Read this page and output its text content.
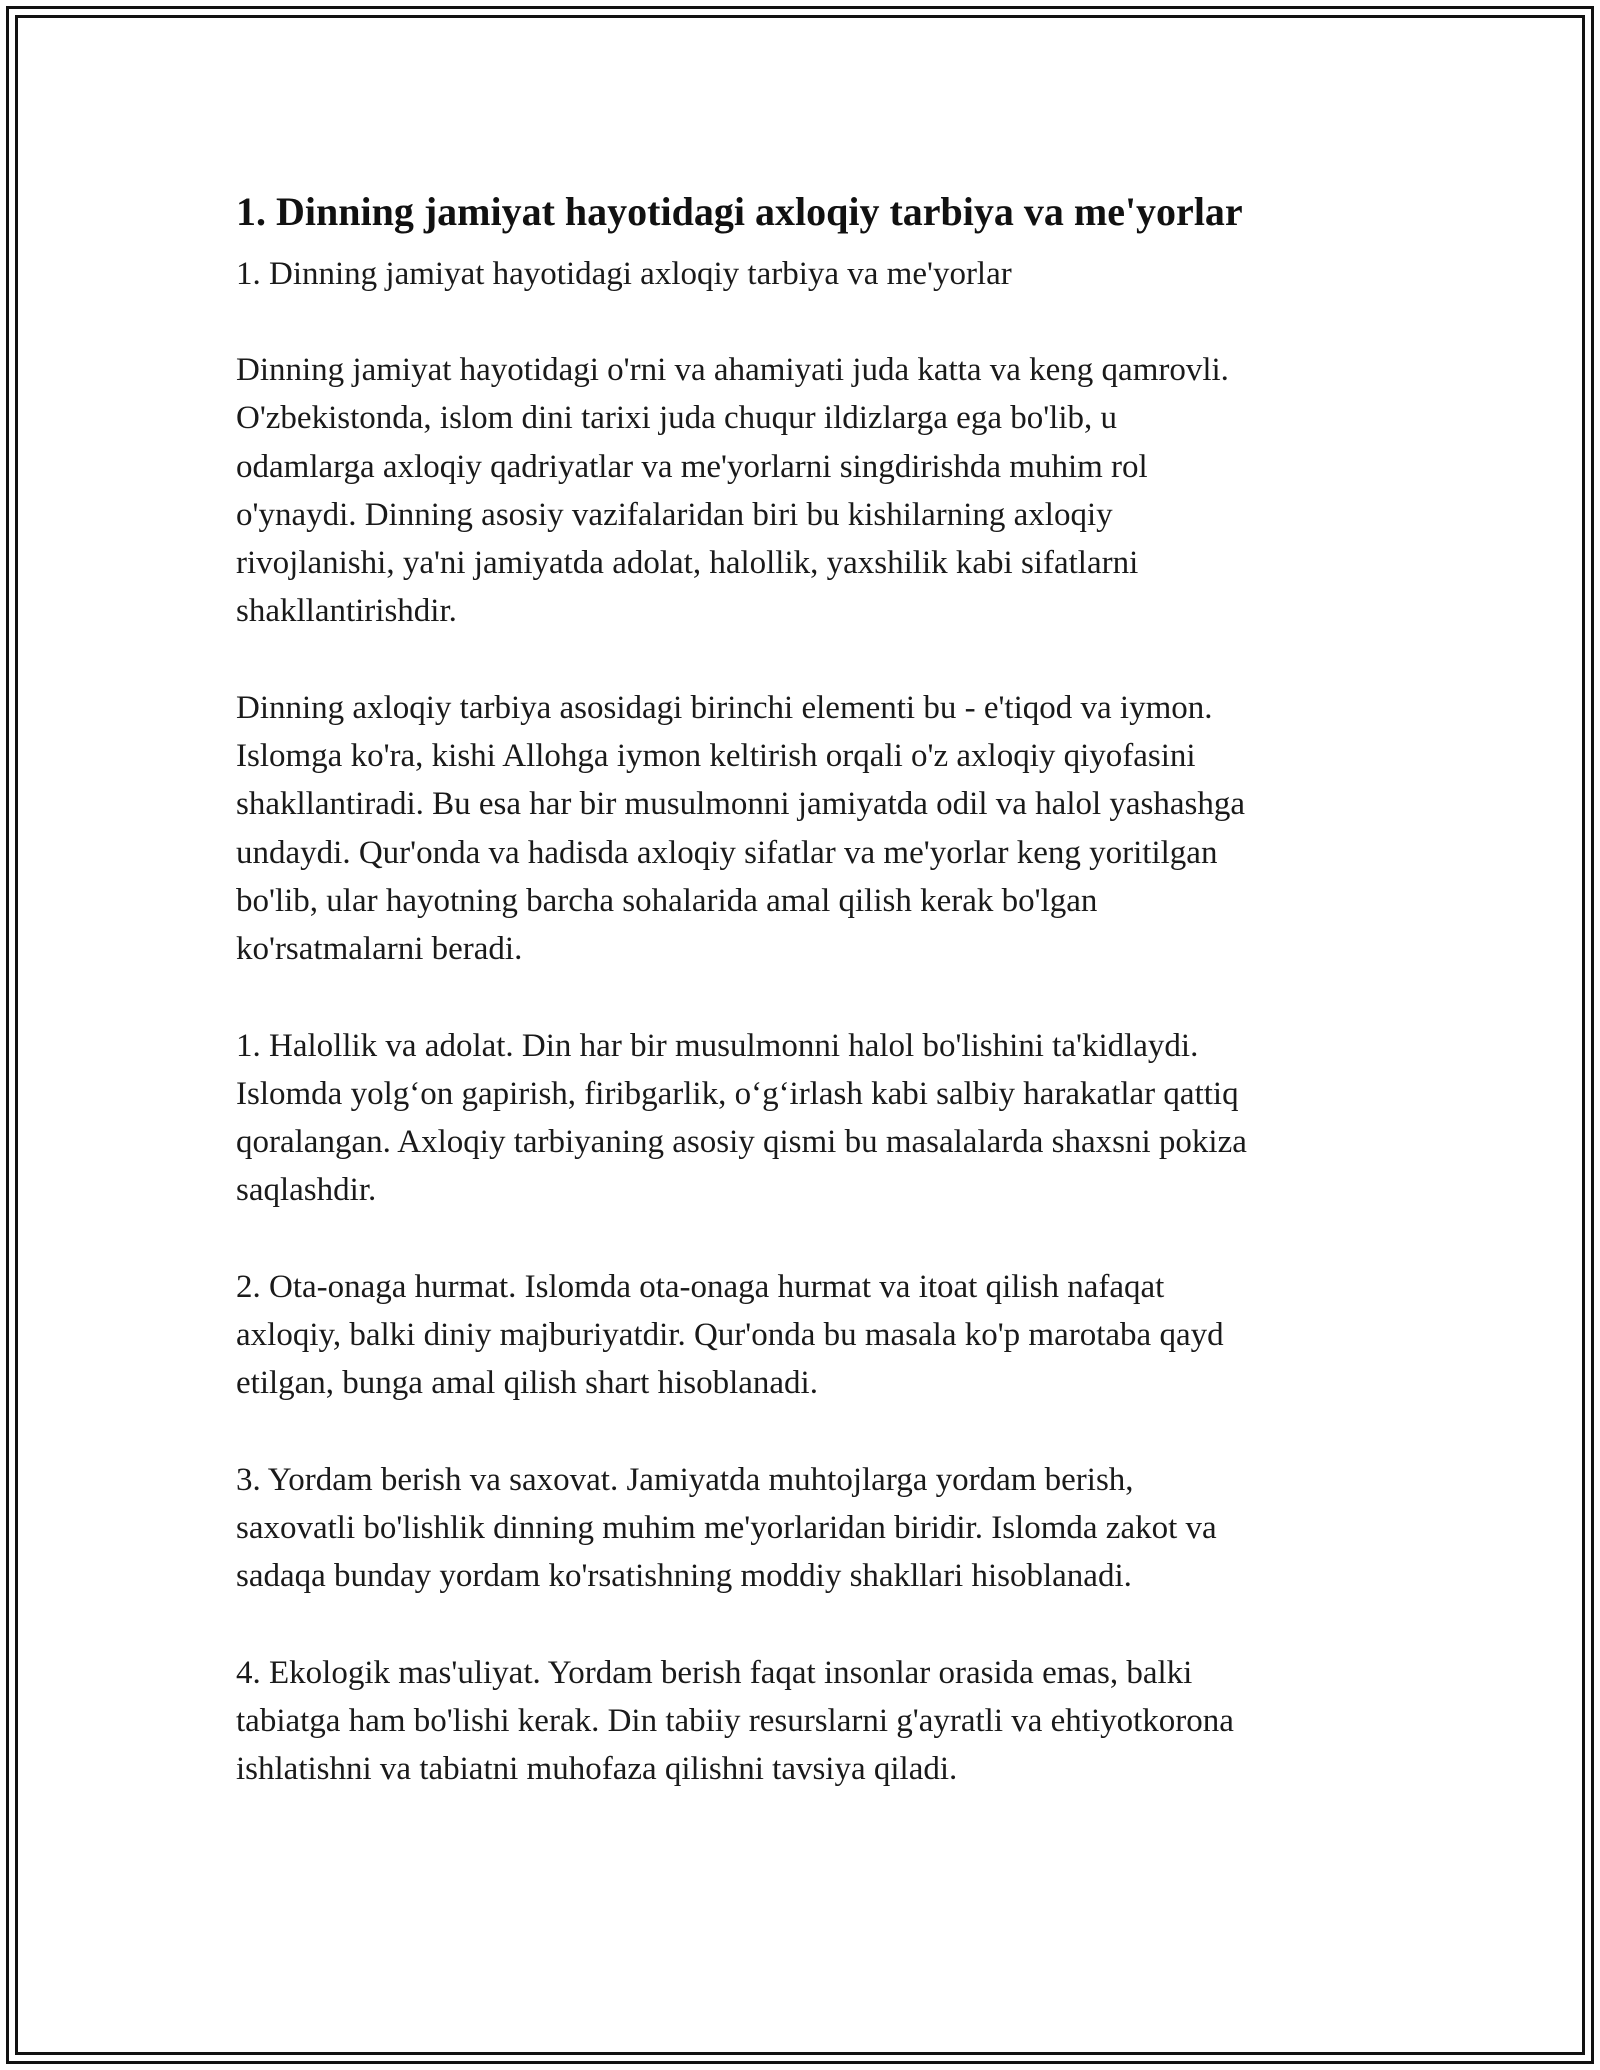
1. Dinning jamiyat hayotidagi axloqiy tarbiya va me'yorlar
1. Dinning jamiyat hayotidagi axloqiy tarbiya va me'yorlar
Dinning jamiyat hayotidagi o'rni va ahamiyati juda katta va keng qamrovli.
O'zbekistonda, islom dini tarixi juda chuqur ildizlarga ega bo'lib, u
odamlarga axloqiy qadriyatlar va me'yorlarni singdirishda muhim rol
o'ynaydi. Dinning asosiy vazifalaridan biri bu kishilarning axloqiy
rivojlanishi, ya'ni jamiyatda adolat, halollik, yaxshilik kabi sifatlarni
shakllantirishdir.
Dinning axloqiy tarbiya asosidagi birinchi elementi bu - e'tiqod va iymon.
Islomga ko'ra, kishi Allohga iymon keltirish orqali o'z axloqiy qiyofasini
shakllantiradi. Bu esa har bir musulmonni jamiyatda odil va halol yashashga
undaydi. Qur'onda va hadisda axloqiy sifatlar va me'yorlar keng yoritilgan
bo'lib, ular hayotning barcha sohalarida amal qilish kerak bo'lgan
ko'rsatmalarni beradi.
1. Halollik va adolat. Din har bir musulmonni halol bo'lishini ta'kidlaydi.
Islomda yolg‘on gapirish, firibgarlik, o‘g‘irlash kabi salbiy harakatlar qattiq
qoralangan. Axloqiy tarbiyaning asosiy qismi bu masalalarda shaxsni pokiza
saqlashdir.
2. Ota-onaga hurmat. Islomda ota-onaga hurmat va itoat qilish nafaqat
axloqiy, balki diniy majburiyatdir. Qur'onda bu masala ko'p marotaba qayd
etilgan, bunga amal qilish shart hisoblanadi.
3. Yordam berish va saxovat. Jamiyatda muhtojlarga yordam berish,
saxovatli bo'lishlik dinning muhim me'yorlaridan biridir. Islomda zakot va
sadaqa bunday yordam ko'rsatishning moddiy shakllari hisoblanadi.
4. Ekologik mas'uliyat. Yordam berish faqat insonlar orasida emas, balki
tabiatga ham bo'lishi kerak. Din tabiiy resurslarni g'ayratli va ehtiyotkorona
ishlatishni va tabiatni muhofaza qilishni tavsiya qiladi.
